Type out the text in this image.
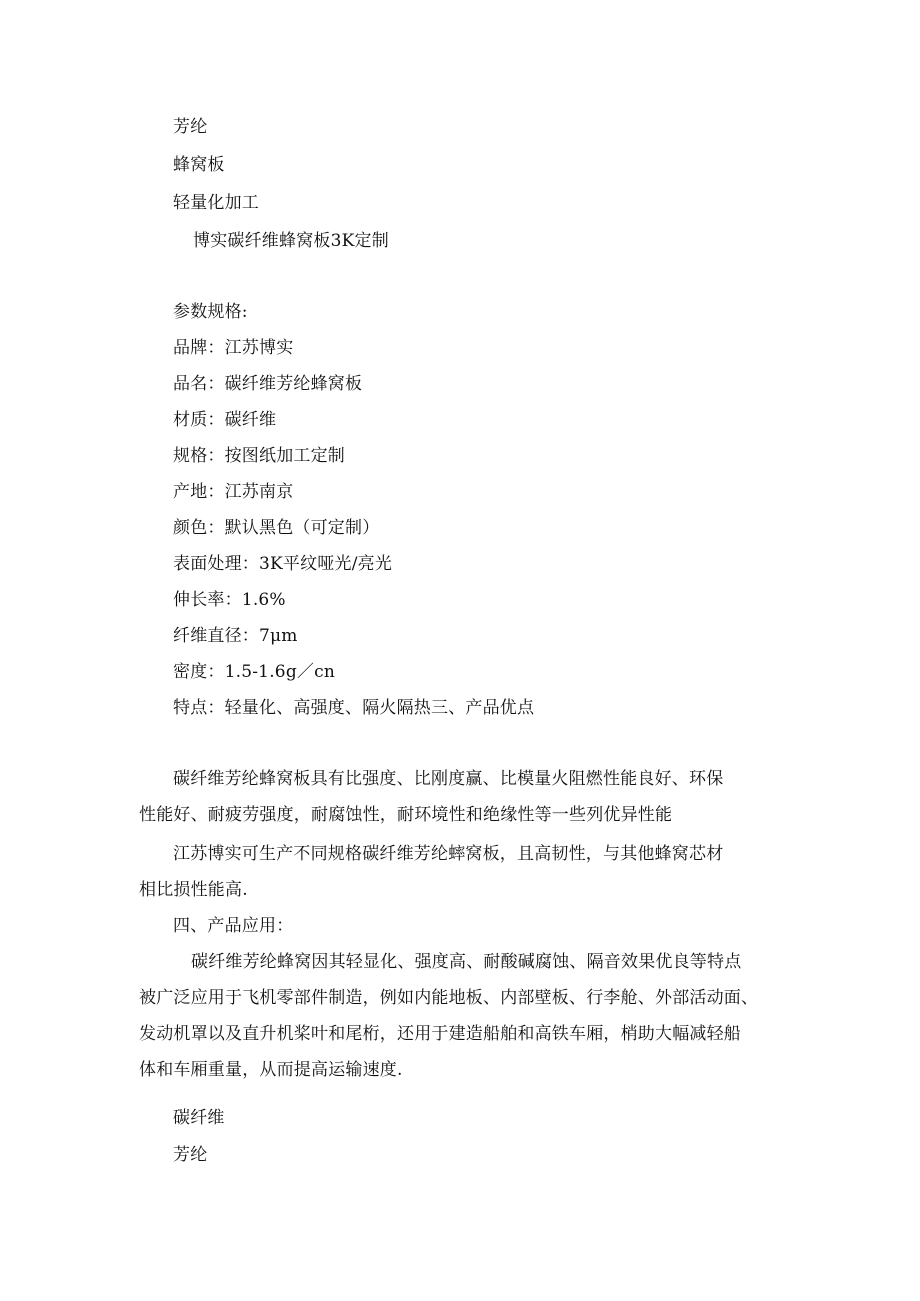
芳纶
蜂窝板
轻量化加工
博实碳纤维蜂窝板3K定制
参数规格:
品牌：江苏博实
品名：碳纤维芳纶蜂窝板
材质：碳纤维
规格：按图纸加工定制
产地：江苏南京
颜色：默认黑色（可定制）
表面处理：3K平纹哑光/亮光
伸长率：1.6%
纤维直径：7μm
密度：1.5-1.6g／cn
特点：轻量化、高强度、隔火隔热三、产品优点
碳纤维芳纶蜂窝板具有比强度、比刚度赢、比模量火阻燃性能良好、环保
性能好、耐疲劳强度，耐腐蚀性，耐环境性和绝缘性等一些列优异性能
江苏博实可生产不同规格碳纤维芳纶蟀窝板，且高韧性，与其他蜂窝芯材
相比损性能高.
四、产品应用：
碳纤维芳纶蜂窝因其轻显化、强度高、耐酸碱腐蚀、隔音效果优良等特点
被广泛应用于飞机零部件制造，例如内能地板、内部壁板、行李舱、外部活动面、
发动机罩以及直升机桨叶和尾桁，还用于建造船舶和高铁车厢，梢助大幅减轻船
体和车厢重量，从而提高运输速度.
碳纤维
芳纶
